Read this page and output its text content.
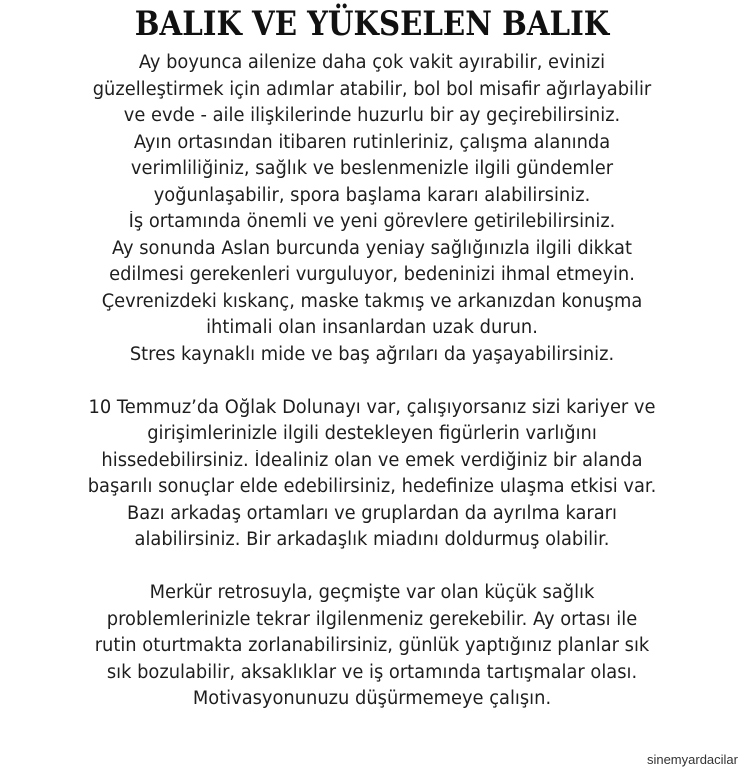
BALIK VE YÜKSELEN BALIK
Ay boyunca ailenize daha çok vakit ayırabilir, evinizi
güzelleştirmek için adımlar atabilir, bol bol misafir ağırlayabilir
ve evde - aile ilişkilerinde huzurlu bir ay geçirebilirsiniz.
Ayın ortasından itibaren rutinleriniz, çalışma alanında
verimliliğiniz, sağlık ve beslenmenizle ilgili gündemler
yoğunlaşabilir, spora başlama kararı alabilirsiniz.
İş ortamında önemli ve yeni görevlere getirilebilirsiniz.
Ay sonunda Aslan burcunda yeniay sağlığınızla ilgili dikkat
edilmesi gerekenleri vurguluyor, bedeninizi ihmal etmeyin.
Çevrenizdeki kıskanç, maske takmış ve arkanızdan konuşma
ihtimali olan insanlardan uzak durun.
Stres kaynaklı mide ve baş ağrıları da yaşayabilirsiniz.
10 Temmuz’da Oğlak Dolunayı var, çalışıyorsanız sizi kariyer ve
girişimlerinizle ilgili destekleyen figürlerin varlığını
hissedebilirsiniz. İdealiniz olan ve emek verdiğiniz bir alanda
başarılı sonuçlar elde edebilirsiniz, hedefinize ulaşma etkisi var.
Bazı arkadaş ortamları ve gruplardan da ayrılma kararı
alabilirsiniz. Bir arkadaşlık miadını doldurmuş olabilir.
Merkür retrosuyla, geçmişte var olan küçük sağlık
problemlerinizle tekrar ilgilenmeniz gerekebilir. Ay ortası ile
rutin oturtmakta zorlanabilirsiniz, günlük yaptığınız planlar sık
sık bozulabilir, aksaklıklar ve iş ortamında tartışmalar olası.
Motivasyonunuzu düşürmemeye çalışın.
sinemyardacilar
